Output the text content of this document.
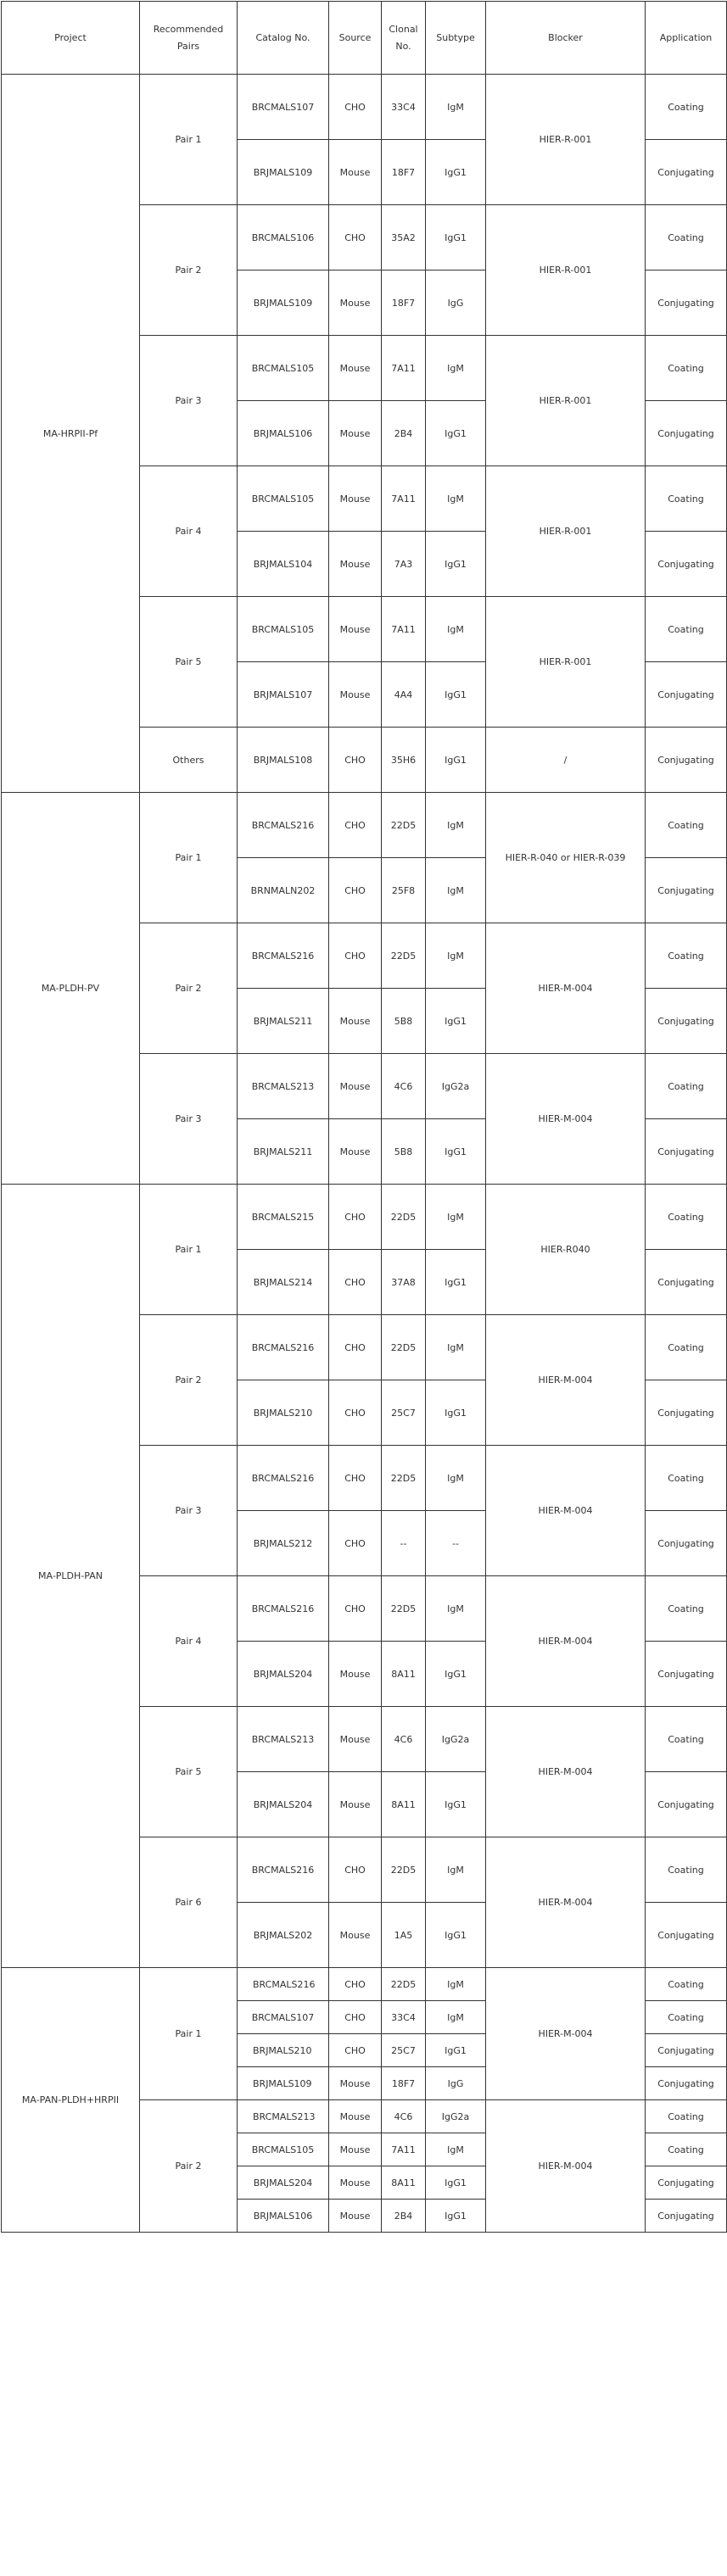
Project	Recommended Pairs	Catalog No.	Source	Clonal No.	Subtype	Blocker	Application
MA-HRPII-Pf	Pair 1	BRCMALS107	CHO	33C4	IgM	HIER-R-001	Coating
		BRJMALS109	Mouse	18F7	IgG1		Conjugating
	Pair 2	BRCMALS106	CHO	35A2	IgG1	HIER-R-001	Coating
		BRJMALS109	Mouse	18F7	IgG		Conjugating
	Pair 3	BRCMALS105	Mouse	7A11	IgM	HIER-R-001	Coating
		BRJMALS106	Mouse	2B4	IgG1		Conjugating
	Pair 4	BRCMALS105	Mouse	7A11	IgM	HIER-R-001	Coating
		BRJMALS104	Mouse	7A3	IgG1		Conjugating
	Pair 5	BRCMALS105	Mouse	7A11	IgM	HIER-R-001	Coating
		BRJMALS107	Mouse	4A4	IgG1		Conjugating
	Others	BRJMALS108	CHO	35H6	IgG1	/	Conjugating
MA-PLDH-PV	Pair 1	BRCMALS216	CHO	22D5	IgM	HIER-R-040 or HIER-R-039	Coating
		BRNMALN202	CHO	25F8	IgM		Conjugating
	Pair 2	BRCMALS216	CHO	22D5	IgM	HIER-M-004	Coating
		BRJMALS211	Mouse	5B8	IgG1		Conjugating
	Pair 3	BRCMALS213	Mouse	4C6	IgG2a	HIER-M-004	Coating
		BRJMALS211	Mouse	5B8	IgG1		Conjugating
MA-PLDH-PAN	Pair 1	BRCMALS215	CHO	22D5	IgM	HIER-R040	Coating
		BRJMALS214	CHO	37A8	IgG1		Conjugating
	Pair 2	BRCMALS216	CHO	22D5	IgM	HIER-M-004	Coating
		BRJMALS210	CHO	25C7	IgG1		Conjugating
	Pair 3	BRCMALS216	CHO	22D5	IgM	HIER-M-004	Coating
		BRJMALS212	CHO	--	--		Conjugating
	Pair 4	BRCMALS216	CHO	22D5	IgM	HIER-M-004	Coating
		BRJMALS204	Mouse	8A11	IgG1		Conjugating
	Pair 5	BRCMALS213	Mouse	4C6	IgG2a	HIER-M-004	Coating
		BRJMALS204	Mouse	8A11	IgG1		Conjugating
	Pair 6	BRCMALS216	CHO	22D5	IgM	HIER-M-004	Coating
		BRJMALS202	Mouse	1A5	IgG1		Conjugating
MA-PAN-PLDH+HRPII	Pair 1	BRCMALS216	CHO	22D5	IgM	HIER-M-004	Coating
		BRCMALS107	CHO	33C4	IgM		Coating

		BRJMALS210	CHO	25C7	IgG1		Conjugating

		BRJMALS109	Mouse	18F7	IgG		Conjugating
	Pair 2	BRCMALS213	Mouse	4C6	IgG2a	HIER-M-004	Coating
		BRCMALS105	Mouse	7A11	IgM		Coating
		BRJMALS204	Mouse	8A11	IgG1		Conjugating
		BRJMALS106	Mouse	2B4	IgG1		Conjugating
